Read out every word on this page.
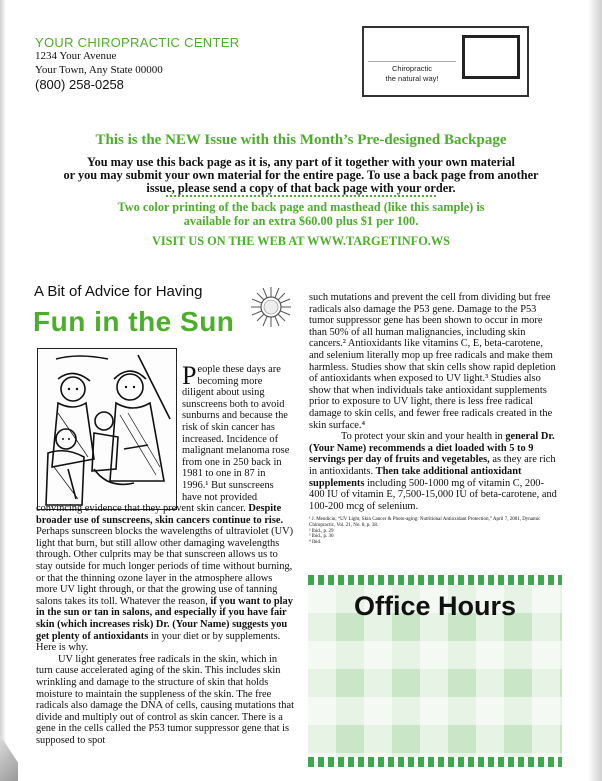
YOUR CHIROPRACTIC CENTER
1234 Your Avenue
Your Town, Any State 00000
(800) 258-0258
Chiropractic
the natural way!
This is the NEW Issue with this Month’s Pre-designed Backpage
You may use this back page as it is, any part of it together with your own material
or you may submit your own material for the entire page. To use a back page from another
issue, please send a copy of that back page with your order.
Two color printing of the back page and masthead (like this sample) is
available for an extra $60.00 plus $1 per 100.
VISIT US ON THE WEB AT WWW.TARGETINFO.WS
A Bit of Advice for Having
Fun in the Sun
People these days are becoming more diligent about using sunscreens both to avoid sunburns and because the risk of skin cancer has increased. Incidence of malignant melanoma rose from one in 250 back in 1981 to one in 87 in 1996.¹ But sunscreens have not provided

convincing evidence that they prevent skin cancer. Despite broader use of sunscreens, skin cancers continue to rise. Perhaps sunscreen blocks the wavelengths of ultraviolet (UV) light that burn, but still allow other damaging wavelengths through. Other culprits may be that sunscreen allows us to stay outside for much longer periods of time without burning, or that the thinning ozone layer in the atmosphere allows more UV light through, or that the growing use of tanning salons takes its toll. Whatever the reason, if you want to play in the sun or tan in salons, and especially if you have fair skin (which increases risk) Dr. (Your Name) suggests you get plenty of antioxidants in your diet or by supplements. Here is why.

UV light generates free radicals in the skin, which in turn cause accelerated aging of the skin. This includes skin wrinkling and damage to the structure of skin that holds moisture to maintain the suppleness of the skin. The free radicals also damage the DNA of cells, causing mutations that divide and multiply out of control as skin cancer. There is a gene in the cells called the P53 tumor suppressor gene that is supposed to spot

such mutations and prevent the cell from dividing but free radicals also damage the P53 gene. Damage to the P53 tumor suppressor gene has been shown to occur in more than 50% of all human malignancies, including skin cancers.² Antioxidants like vitamins C, E, beta-carotene, and selenium literally mop up free radicals and make them harmless. Studies show that skin cells show rapid depletion of antioxidants when exposed to UV light.³ Studies also show that when individuals take antioxidant supplements prior to exposure to UV light, there is less free radical damage to skin cells, and fewer free radicals created in the skin surface.⁴

To protect your skin and your health in general Dr. (Your Name) recommends a diet loaded with 5 to 9 servings per day of fruits and vegetables, as they are rich in antioxidants. Then take additional antioxidant supplements including 500-1000 mg of vitamin C, 200-400 IU of vitamin E, 7,500-15,000 IU of beta-carotene, and 100-200 mcg of selenium.

¹ J. Mendicin, “UV Light, Skin Cancer & Photo-aging: Nutritional Antioxidant Protection,” April 7, 2001, Dynamic Chiropractic, Vol. 21, No. 8, p. 38.
² Ibid., p. 29
³ Ibid., p. 30
⁴ Ibid.
Office Hours
